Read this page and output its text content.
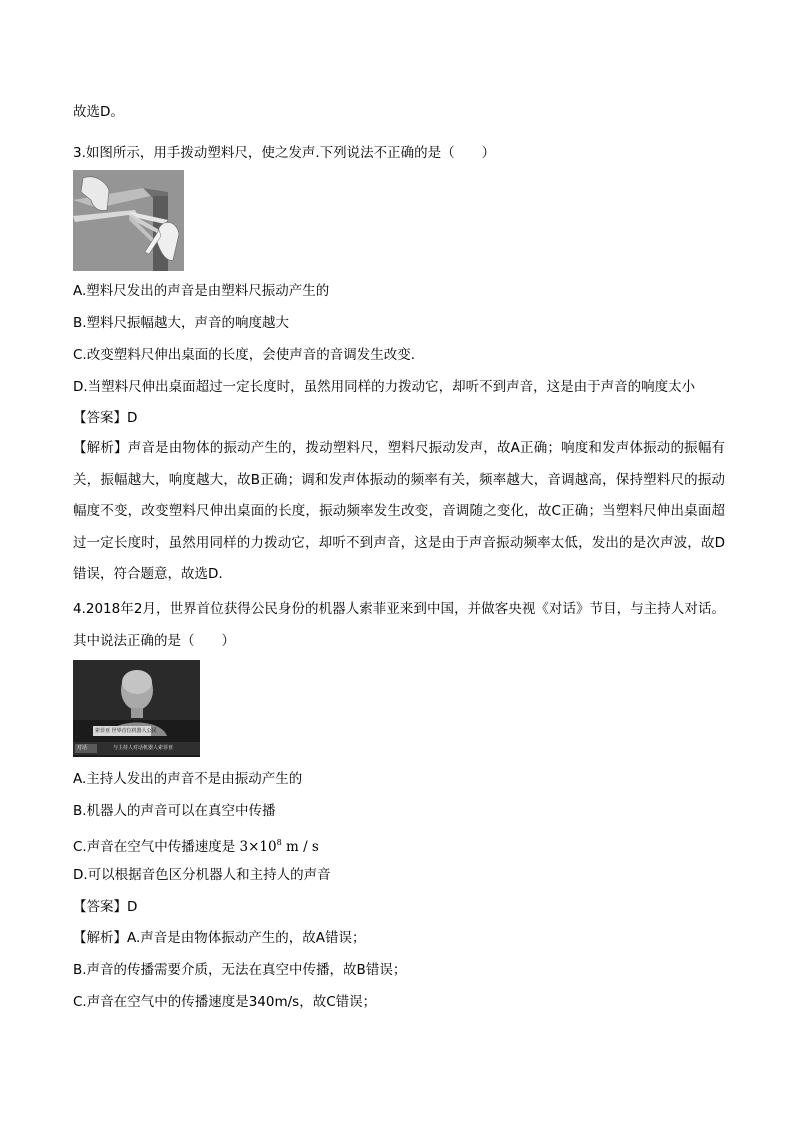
故选D。
3.如图所示，用手拨动塑料尺，使之发声.下列说法不正确的是（　　）
A.塑料尺发出的声音是由塑料尺振动产生的
B.塑料尺振幅越大，声音的响度越大
C.改变塑料尺伸出桌面的长度，会使声音的音调发生改变.
D.当塑料尺伸出桌面超过一定长度时，虽然用同样的力拨动它，却听不到声音，这是由于声音的响度太小
【答案】D
【解析】声音是由物体的振动产生的，拨动塑料尺，塑料尺振动发声，故A正确；响度和发声体振动的振幅有关，振幅越大，响度越大，故B正确；调和发声体振动的频率有关，频率越大，音调越高，保持塑料尺的振动幅度不变，改变塑料尺伸出桌面的长度，振动频率发生改变，音调随之变化，故C正确；当塑料尺伸出桌面超过一定长度时，虽然用同样的力拨动它，却听不到声音，这是由于声音振动频率太低，发出的是次声波，故D错误，符合题意，故选D.
4.2018年2月，世界首位获得公民身份的机器人索菲亚来到中国，并做客央视《对话》节目，与主持人对话。其中说法正确的是（　　）
索菲亚 世界首位机器人公民
对话	与主持人对话机器人索菲亚
A.主持人发出的声音不是由振动产生的
B.机器人的声音可以在真空中传播
C.声音在空气中传播速度是 $3\times 10^8$ m / s
D.可以根据音色区分机器人和主持人的声音
【答案】D
【解析】A.声音是由物体振动产生的，故A错误；
B.声音的传播需要介质，无法在真空中传播，故B错误；
C.声音在空气中的传播速度是340m/s，故C错误；
